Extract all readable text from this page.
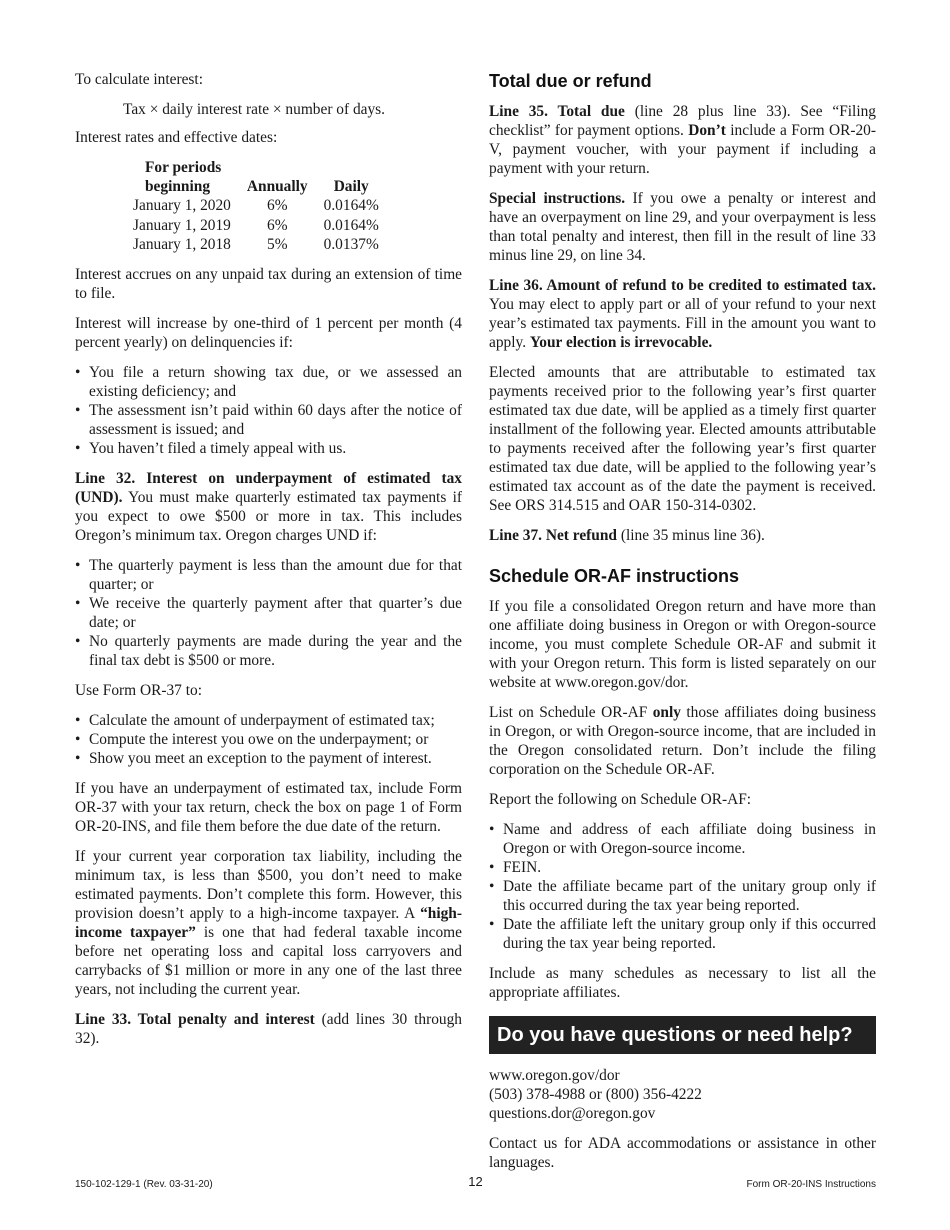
To calculate interest:

Tax × daily interest rate × number of days.

Interest rates and effective dates:

For periods
beginning	Annually	Daily
January 1, 2020	6%	0.0164%
January 1, 2019	6%	0.0164%
January 1, 2018	5%	0.0137%

Interest accrues on any unpaid tax during an extension of time to file.

Interest will increase by one-third of 1 percent per month (4 percent yearly) on delinquencies if:

• You file a return showing tax due, or we assessed an existing deficiency; and
• The assessment isn’t paid within 60 days after the notice of assessment is issued; and
• You haven’t filed a timely appeal with us.

Line 32. Interest on underpayment of estimated tax (UND). You must make quarterly estimated tax payments if you expect to owe $500 or more in tax. This includes Oregon’s minimum tax. Oregon charges UND if:

• The quarterly payment is less than the amount due for that quarter; or
• We receive the quarterly payment after that quarter’s due date; or
• No quarterly payments are made during the year and the final tax debt is $500 or more.

Use Form OR-37 to:

• Calculate the amount of underpayment of estimated tax;
• Compute the interest you owe on the underpayment; or
• Show you meet an exception to the payment of interest.

If you have an underpayment of estimated tax, include Form OR-37 with your tax return, check the box on page 1 of Form OR-20-INS, and file them before the due date of the return.

If your current year corporation tax liability, including the minimum tax, is less than $500, you don’t need to make estimated payments. Don’t complete this form. However, this provision doesn’t apply to a high-income taxpayer. A “high-income taxpayer” is one that had federal taxable income before net operating loss and capital loss carryovers and carrybacks of $1 million or more in any one of the last three years, not including the current year.

Line 33. Total penalty and interest (add lines 30 through 32).

Total due or refund

Line 35. Total due (line 28 plus line 33). See “Filing checklist” for payment options. Don’t include a Form OR-20-V, payment voucher, with your payment if including a payment with your return.

Special instructions. If you owe a penalty or interest and have an overpayment on line 29, and your overpayment is less than total penalty and interest, then fill in the result of line 33 minus line 29, on line 34.

Line 36. Amount of refund to be credited to estimated tax. You may elect to apply part or all of your refund to your next year’s estimated tax payments. Fill in the amount you want to apply. Your election is irrevocable.

Elected amounts that are attributable to estimated tax payments received prior to the following year’s first quarter estimated tax due date, will be applied as a timely first quarter installment of the following year. Elected amounts attributable to payments received after the following year’s first quarter estimated tax due date, will be applied to the following year’s estimated tax account as of the date the payment is received. See ORS 314.515 and OAR 150-314-0302.

Line 37. Net refund (line 35 minus line 36).

Schedule OR-AF instructions

If you file a consolidated Oregon return and have more than one affiliate doing business in Oregon or with Oregon-source income, you must complete Schedule OR-AF and submit it with your Oregon return. This form is listed separately on our website at www.oregon.gov/dor.

List on Schedule OR-AF only those affiliates doing business in Oregon, or with Oregon-source income, that are included in the Oregon consolidated return. Don’t include the filing corporation on the Schedule OR-AF.

Report the following on Schedule OR-AF:

• Name and address of each affiliate doing business in Oregon or with Oregon-source income.
• FEIN.
• Date the affiliate became part of the unitary group only if this occurred during the tax year being reported.
• Date the affiliate left the unitary group only if this occurred during the tax year being reported.

Include as many schedules as necessary to list all the appropriate affiliates.

Do you have questions or need help?
www.oregon.gov/dor
(503) 378-4988 or (800) 356-4222
questions.dor@oregon.gov

Contact us for ADA accommodations or assistance in other languages.

150-102-129-1 (Rev. 03-31-20)	12	Form OR-20-INS Instructions
